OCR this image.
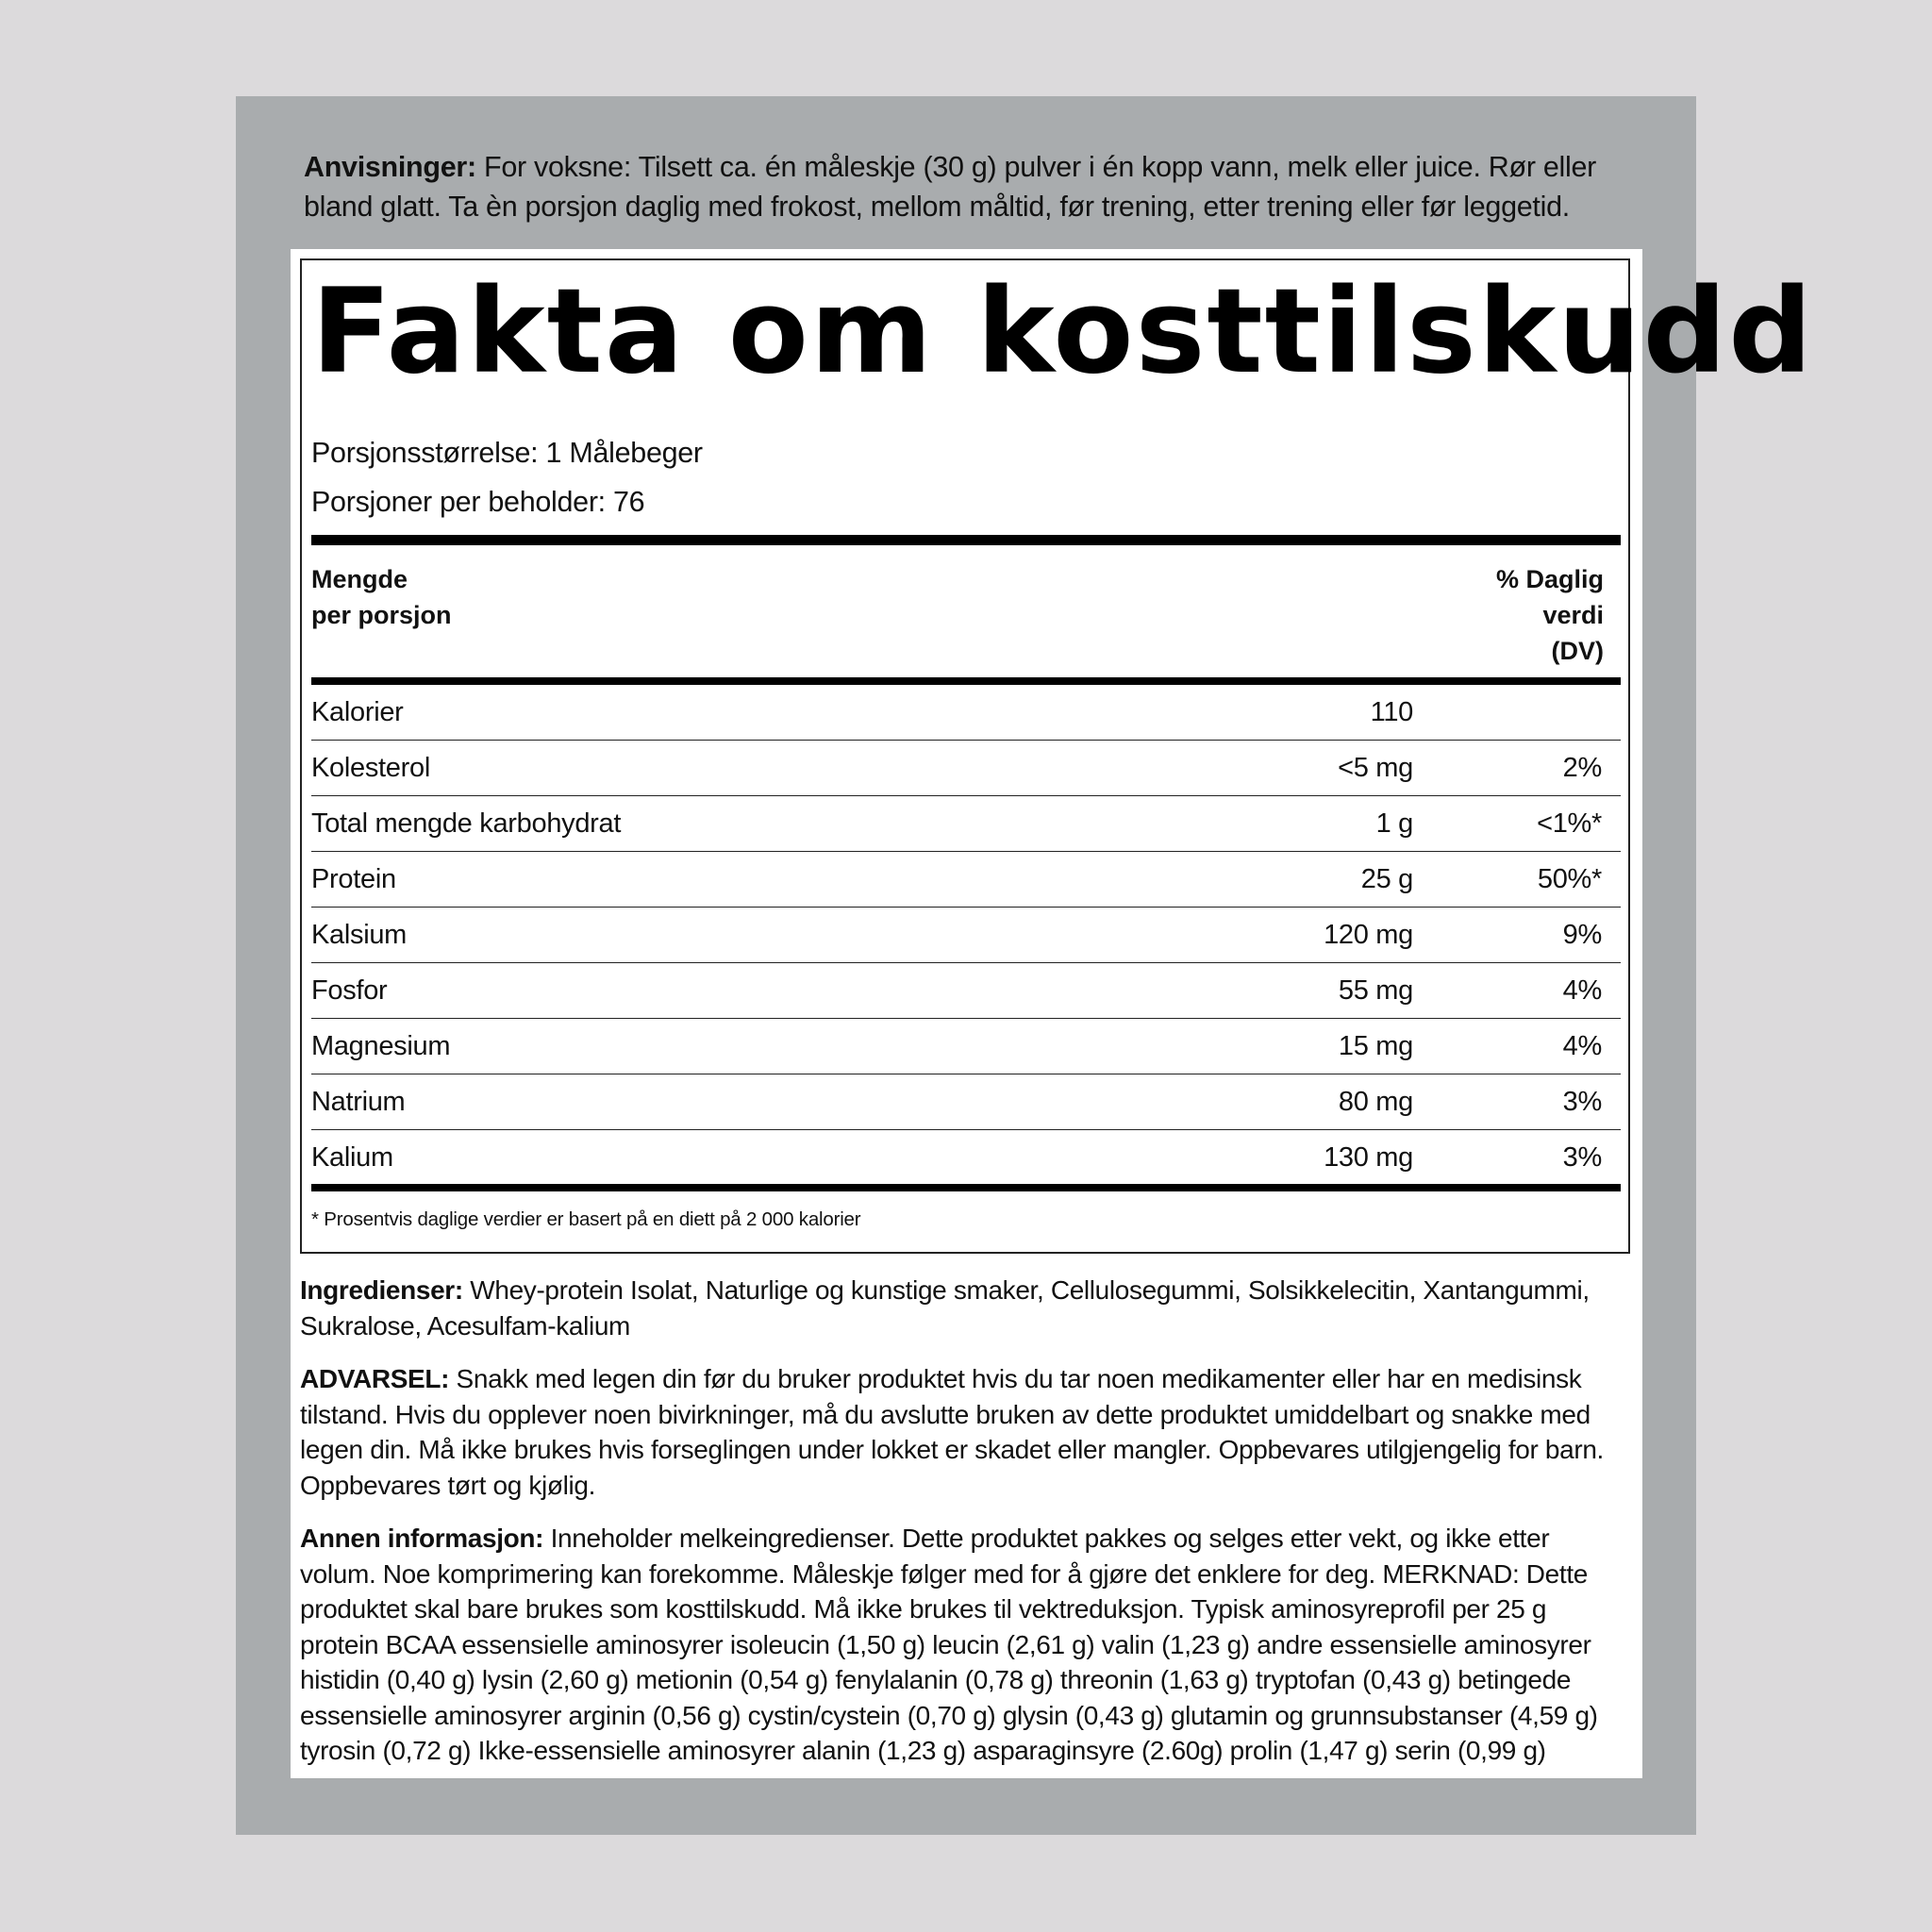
Anvisninger: For voksne: Tilsett ca. én måleskje (30 g) pulver i én kopp vann, melk eller juice. Rør eller bland glatt. Ta èn porsjon daglig med frokost, mellom måltid, før trening, etter trening eller før leggetid.

Fakta om kosttilskudd
Porsjonsstørrelse: 1 Målebeger
Porsjoner per beholder: 76
Mengde
per porsjon
% Daglig
verdi
(DV)
Kalorier	110
Kolesterol	<5 mg	2%
Total mengde karbohydrat	1 g	<1%*
Protein	25 g	50%*
Kalsium	120 mg	9%
Fosfor	55 mg	4%
Magnesium	15 mg	4%
Natrium	80 mg	3%
Kalium	130 mg	3%
* Prosentvis daglige verdier er basert på en diett på 2 000 kalorier

Ingredienser: Whey-protein Isolat, Naturlige og kunstige smaker, Cellulosegummi, Solsikkelecitin, Xantangummi, Sukralose, Acesulfam-kalium

ADVARSEL: Snakk med legen din før du bruker produktet hvis du tar noen medikamenter eller har en medisinsk tilstand. Hvis du opplever noen bivirkninger, må du avslutte bruken av dette produktet umiddelbart og snakke med legen din. Må ikke brukes hvis forseglingen under lokket er skadet eller mangler. Oppbevares utilgjengelig for barn. Oppbevares tørt og kjølig.

Annen informasjon: Inneholder melkeingredienser. Dette produktet pakkes og selges etter vekt, og ikke etter volum. Noe komprimering kan forekomme. Måleskje følger med for å gjøre det enklere for deg. MERKNAD: Dette produktet skal bare brukes som kosttilskudd. Må ikke brukes til vektreduksjon. Typisk aminosyreprofil per 25 g protein BCAA essensielle aminosyrer isoleucin (1,50 g) leucin (2,61 g) valin (1,23 g) andre essensielle aminosyrer histidin (0,40 g) lysin (2,60 g) metionin (0,54 g) fenylalanin (0,78 g) threonin (1,63 g) tryptofan (0,43 g) betingede essensielle aminosyrer arginin (0,56 g) cystin/cystein (0,70 g) glysin (0,43 g) glutamin og grunnsubstanser (4,59 g) tyrosin (0,72 g) Ikke-essensielle aminosyrer alanin (1,23 g) asparaginsyre (2.60g) prolin (1,47 g) serin (0,99 g)
